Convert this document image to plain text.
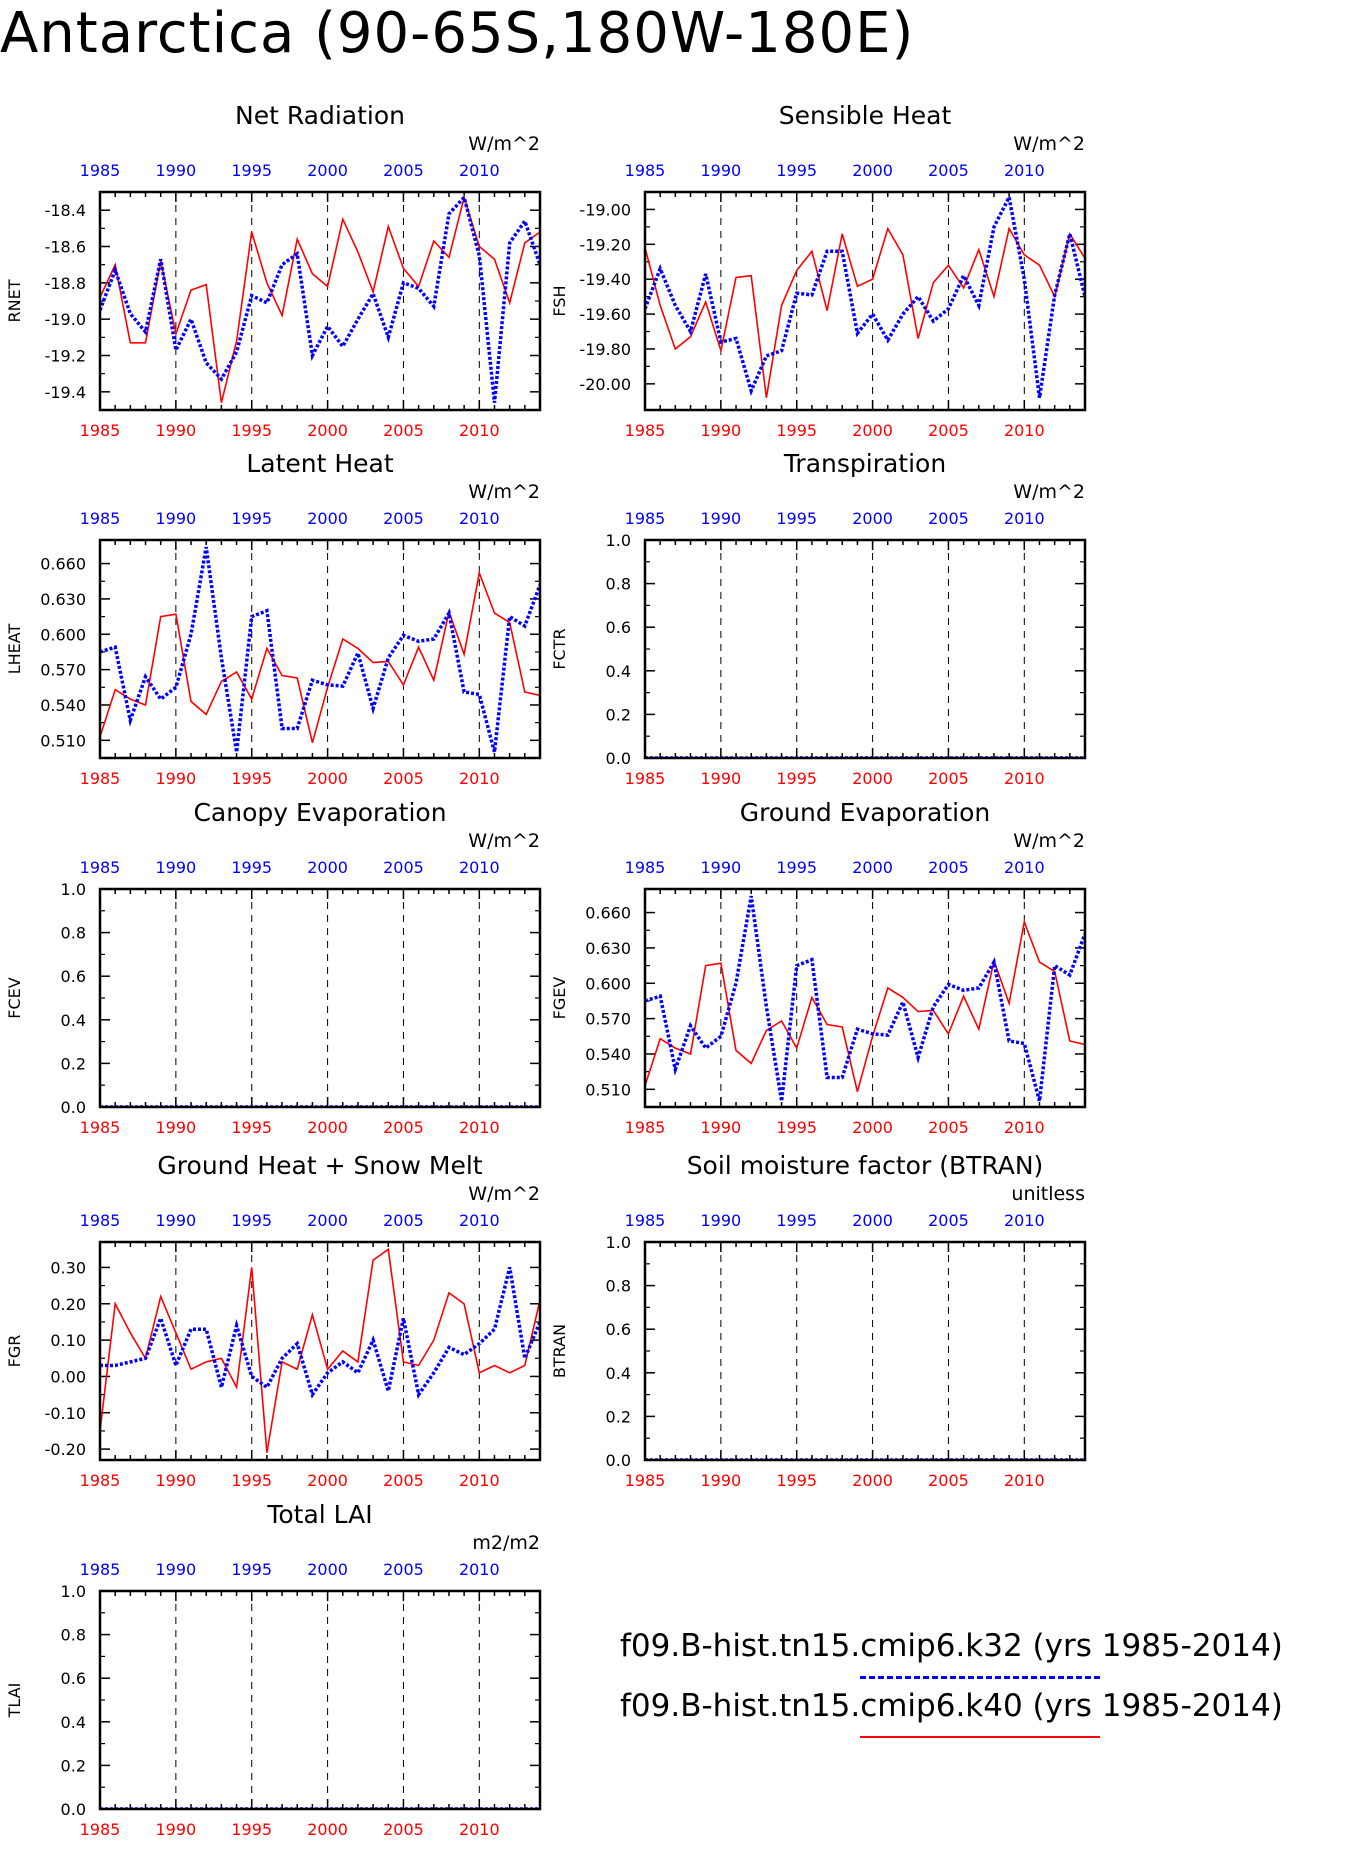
Antarctica (90-65S,180W-180E)
Net Radiation
W/m^2
RNET
1985
1985
1990
1990
1995
1995
2000
2000
2005
2005
2010
2010
-18.4
-18.6
-18.8
-19.0
-19.2
-19.4
Sensible Heat
W/m^2
FSH
1985
1985
1990
1990
1995
1995
2000
2000
2005
2005
2010
2010
-19.00
-19.20
-19.40
-19.60
-19.80
-20.00
Latent Heat
W/m^2
LHEAT
1985
1985
1990
1990
1995
1995
2000
2000
2005
2005
2010
2010
0.660
0.630
0.600
0.570
0.540
0.510
Transpiration
W/m^2
FCTR
1985
1985
1990
1990
1995
1995
2000
2000
2005
2005
2010
2010
1.0
0.8
0.6
0.4
0.2
0.0
Canopy Evaporation
W/m^2
FCEV
1985
1985
1990
1990
1995
1995
2000
2000
2005
2005
2010
2010
1.0
0.8
0.6
0.4
0.2
0.0
Ground Evaporation
W/m^2
FGEV
1985
1985
1990
1990
1995
1995
2000
2000
2005
2005
2010
2010
0.660
0.630
0.600
0.570
0.540
0.510
Ground Heat + Snow Melt
W/m^2
FGR
1985
1985
1990
1990
1995
1995
2000
2000
2005
2005
2010
2010
0.30
0.20
0.10
0.00
-0.10
-0.20
Soil moisture factor (BTRAN)
unitless
BTRAN
1985
1985
1990
1990
1995
1995
2000
2000
2005
2005
2010
2010
1.0
0.8
0.6
0.4
0.2
0.0
Total LAI
m2/m2
TLAI
1985
1985
1990
1990
1995
1995
2000
2000
2005
2005
2010
2010
1.0
0.8
0.6
0.4
0.2
0.0
f09.B-hist.tn15.cmip6.k32 (yrs 1985-2014)
f09.B-hist.tn15.cmip6.k40 (yrs 1985-2014)
